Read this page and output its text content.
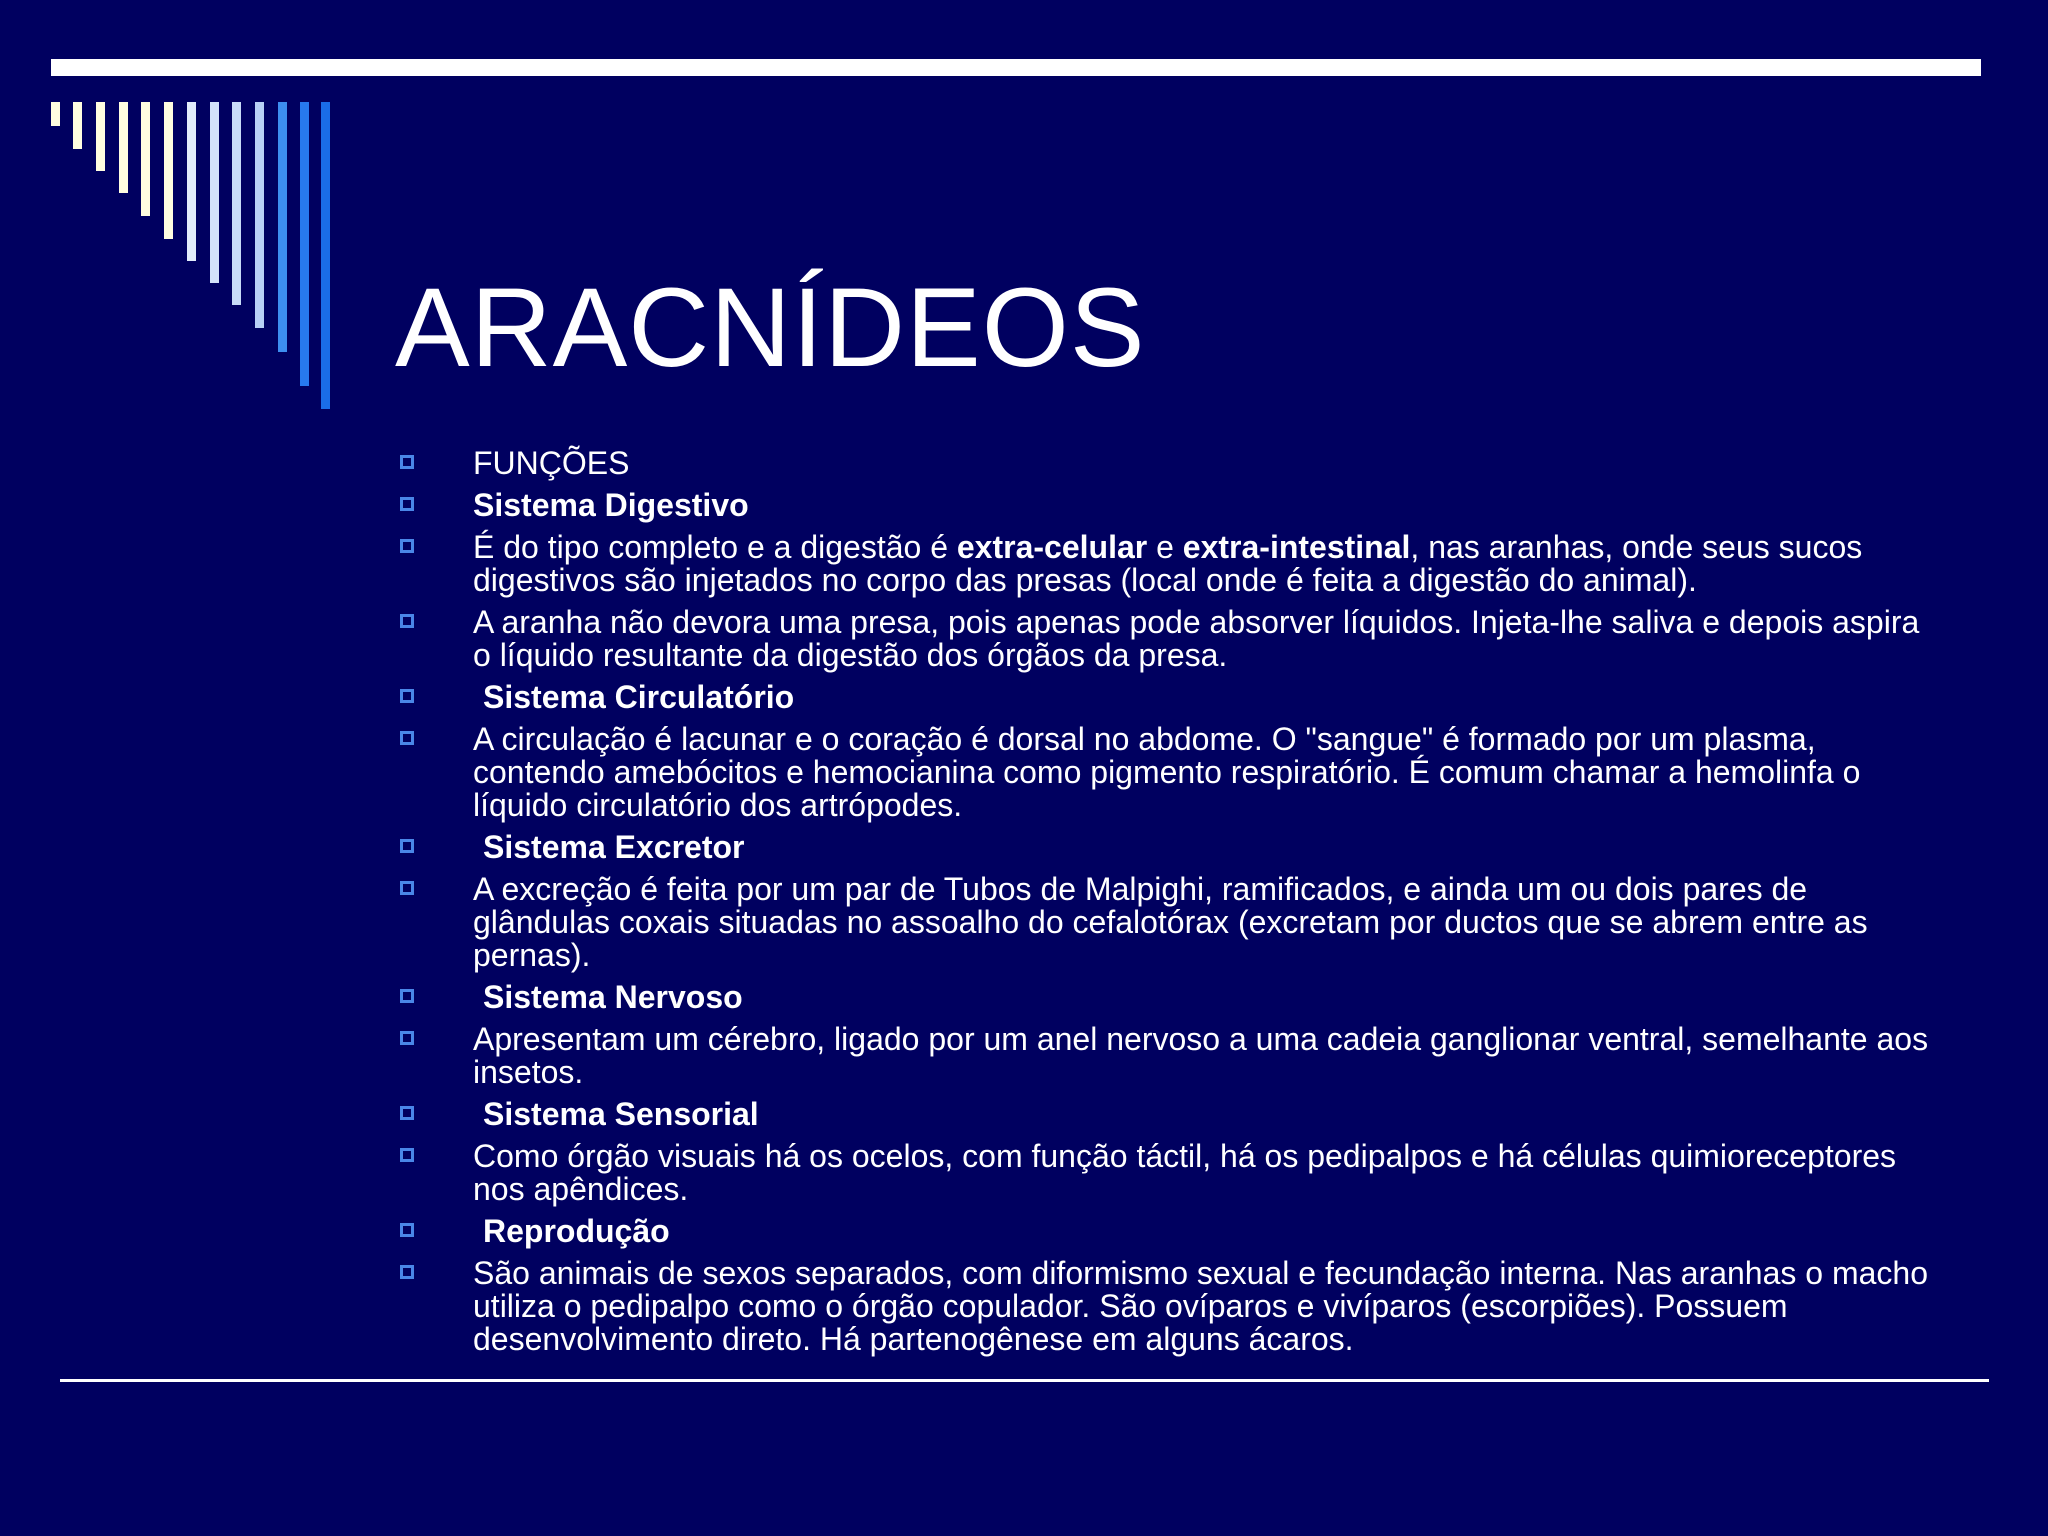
ARACNÍDEOS
FUNÇÕES
Sistema Digestivo
É do tipo completo e a digestão é extra-celular e extra-intestinal, nas aranhas, onde seus sucos digestivos são injetados no corpo das presas (local onde é feita a digestão do animal).
A aranha não devora uma presa, pois apenas pode absorver líquidos. Injeta-lhe saliva e depois aspira o líquido resultante da digestão dos órgãos da presa.
Sistema Circulatório
A circulação é lacunar e o coração é dorsal no abdome. O "sangue" é formado por um plasma, contendo amebócitos e hemocianina como pigmento respiratório. É comum chamar a hemolinfa o líquido circulatório dos artrópodes.
Sistema Excretor
A excreção é feita por um par de Tubos de Malpighi, ramificados, e ainda um ou dois pares de glândulas coxais situadas no assoalho do cefalotórax (excretam por ductos que se abrem entre as pernas).
Sistema Nervoso
Apresentam um cérebro, ligado por um anel nervoso a uma cadeia ganglionar ventral, semelhante aos insetos.
Sistema Sensorial
Como órgão visuais há os ocelos, com função táctil, há os pedipalpos e há células quimioreceptores nos apêndices.
Reprodução
São animais de sexos separados, com diformismo sexual e fecundação interna. Nas aranhas o macho utiliza o pedipalpo como o órgão copulador. São ovíparos e vivíparos (escorpiões). Possuem desenvolvimento direto. Há partenogênese em alguns ácaros.
